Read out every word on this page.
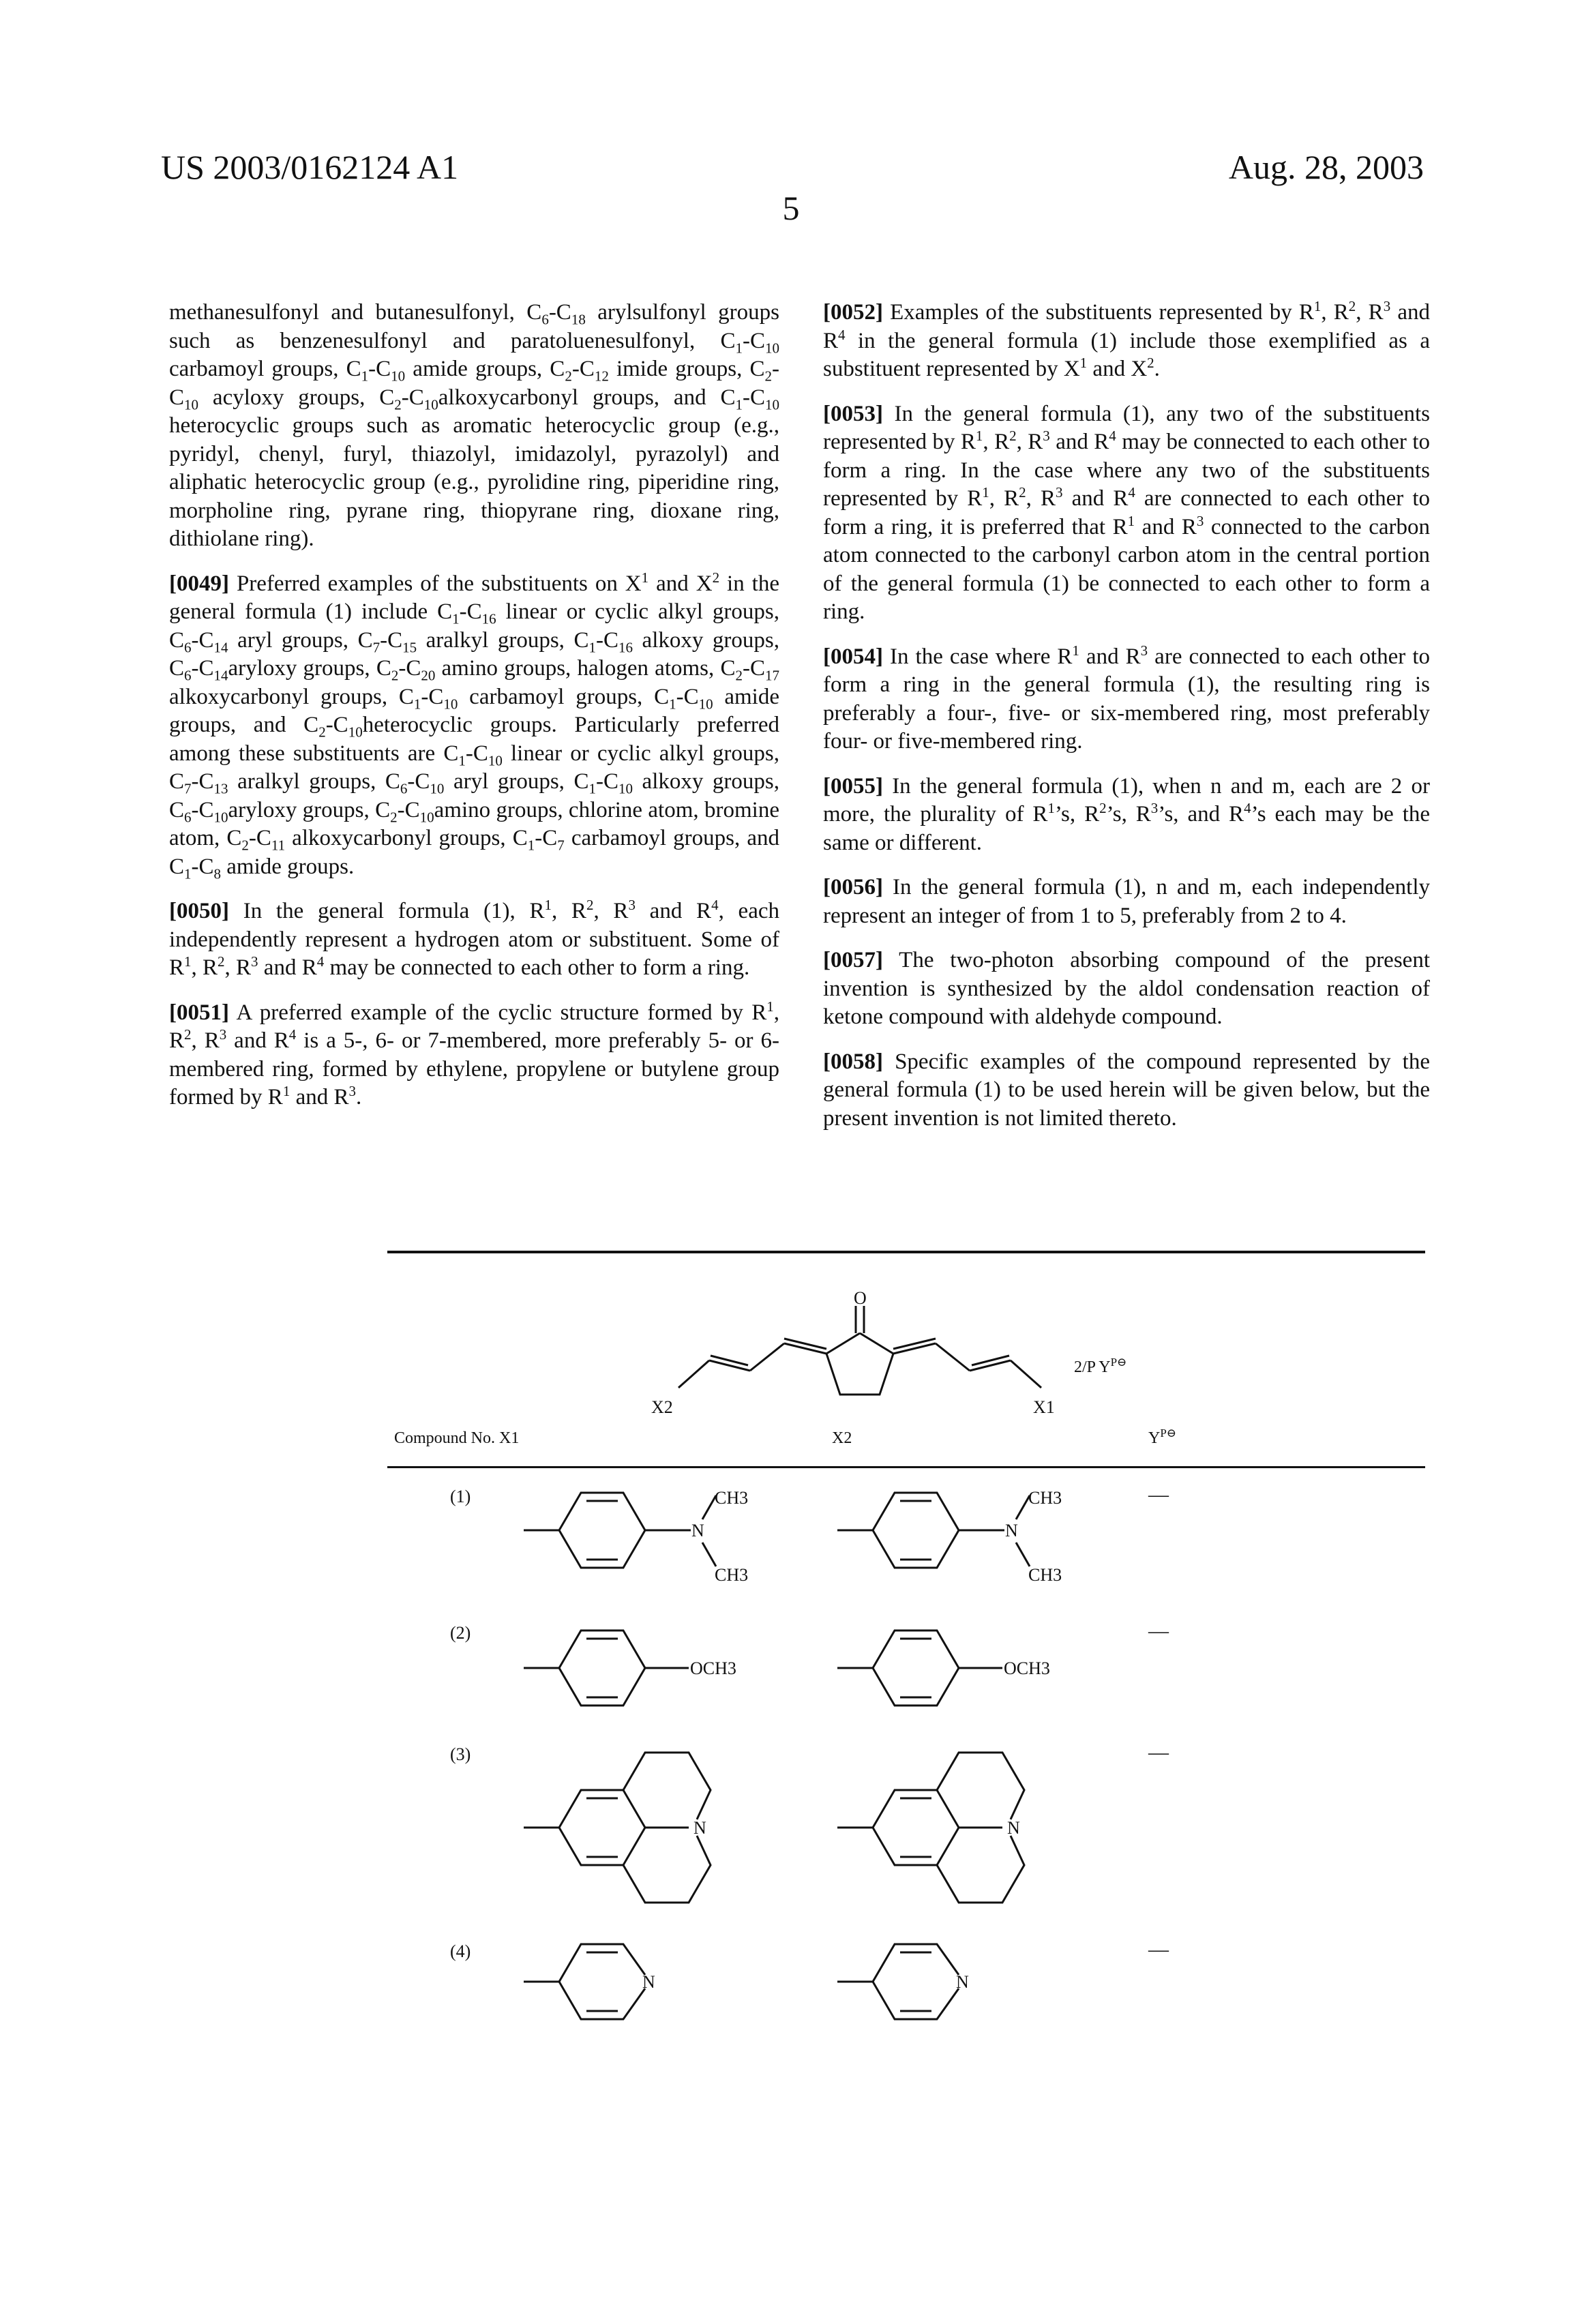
US 2003/0162124 A1	Aug. 28, 2003
5

methanesulfonyl and butanesulfonyl, C6-C18 arylsulfonyl groups such as benzenesulfonyl and paratoluenesulfonyl, C1-C10 carbamoyl groups, C1-C10 amide groups, C2-C12 imide groups, C2-C10 acyloxy groups, C2-C10alkoxycarbonyl groups, and C1-C10 heterocyclic groups such as aromatic heterocyclic group (e.g., pyridyl, chenyl, furyl, thiazolyl, imidazolyl, pyrazolyl) and aliphatic heterocyclic group (e.g., pyrolidine ring, piperidine ring, morpholine ring, pyrane ring, thiopyrane ring, dioxane ring, dithiolane ring).

[0049] Preferred examples of the substituents on X1 and X2 in the general formula (1) include C1-C16 linear or cyclic alkyl groups, C6-C14 aryl groups, C7-C15 aralkyl groups, C1-C16 alkoxy groups, C6-C14aryloxy groups, C2-C20 amino groups, halogen atoms, C2-C17 alkoxycarbonyl groups, C1-C10 carbamoyl groups, C1-C10 amide groups, and C2-C10heterocyclic groups. Particularly preferred among these substituents are C1-C10 linear or cyclic alkyl groups, C7-C13 aralkyl groups, C6-C10 aryl groups, C1-C10 alkoxy groups, C6-C10aryloxy groups, C2-C10amino groups, chlorine atom, bromine atom, C2-C11 alkoxycarbonyl groups, C1-C7 carbamoyl groups, and C1-C8 amide groups.

[0050] In the general formula (1), R1, R2, R3 and R4, each independently represent a hydrogen atom or substituent. Some of R1, R2, R3 and R4 may be connected to each other to form a ring.

[0051] A preferred example of the cyclic structure formed by R1, R2, R3 and R4 is a 5-, 6- or 7-membered, more preferably 5- or 6-membered ring, formed by ethylene, propylene or butylene group formed by R1 and R3.

[0052] Examples of the substituents represented by R1, R2, R3 and R4 in the general formula (1) include those exemplified as a substituent represented by X1 and X2.

[0053] In the general formula (1), any two of the substituents represented by R1, R2, R3 and R4 may be connected to each other to form a ring. In the case where any two of the substituents represented by R1, R2, R3 and R4 are connected to each other to form a ring, it is preferred that R1 and R3 connected to the carbon atom connected to the carbonyl carbon atom in the central portion of the general formula (1) be connected to each other to form a ring.

[0054] In the case where R1 and R3 are connected to each other to form a ring in the general formula (1), the resulting ring is preferably a four-, five- or six-membered ring, most preferably four- or five-membered ring.

[0055] In the general formula (1), when n and m, each are 2 or more, the plurality of R1’s, R2’s, R3’s, and R4’s each may be the same or different.

[0056] In the general formula (1), n and m, each independently represent an integer of from 1 to 5, preferably from 2 to 4.

[0057] The two-photon absorbing compound of the present invention is synthesized by the aldol condensation reaction of ketone compound with aldehyde compound.

[0058] Specific examples of the compound represented by the general formula (1) to be used herein will be given below, but the present invention is not limited thereto.

Compound No. X1	X2	YP⊖
(1)	—
(2)	—
(3)	—
(4)	—
O
X2	X1
2/P YP⊖
CH3
N
CH3
CH3
N
CH3
OCH3	OCH3
N	N
N	N
